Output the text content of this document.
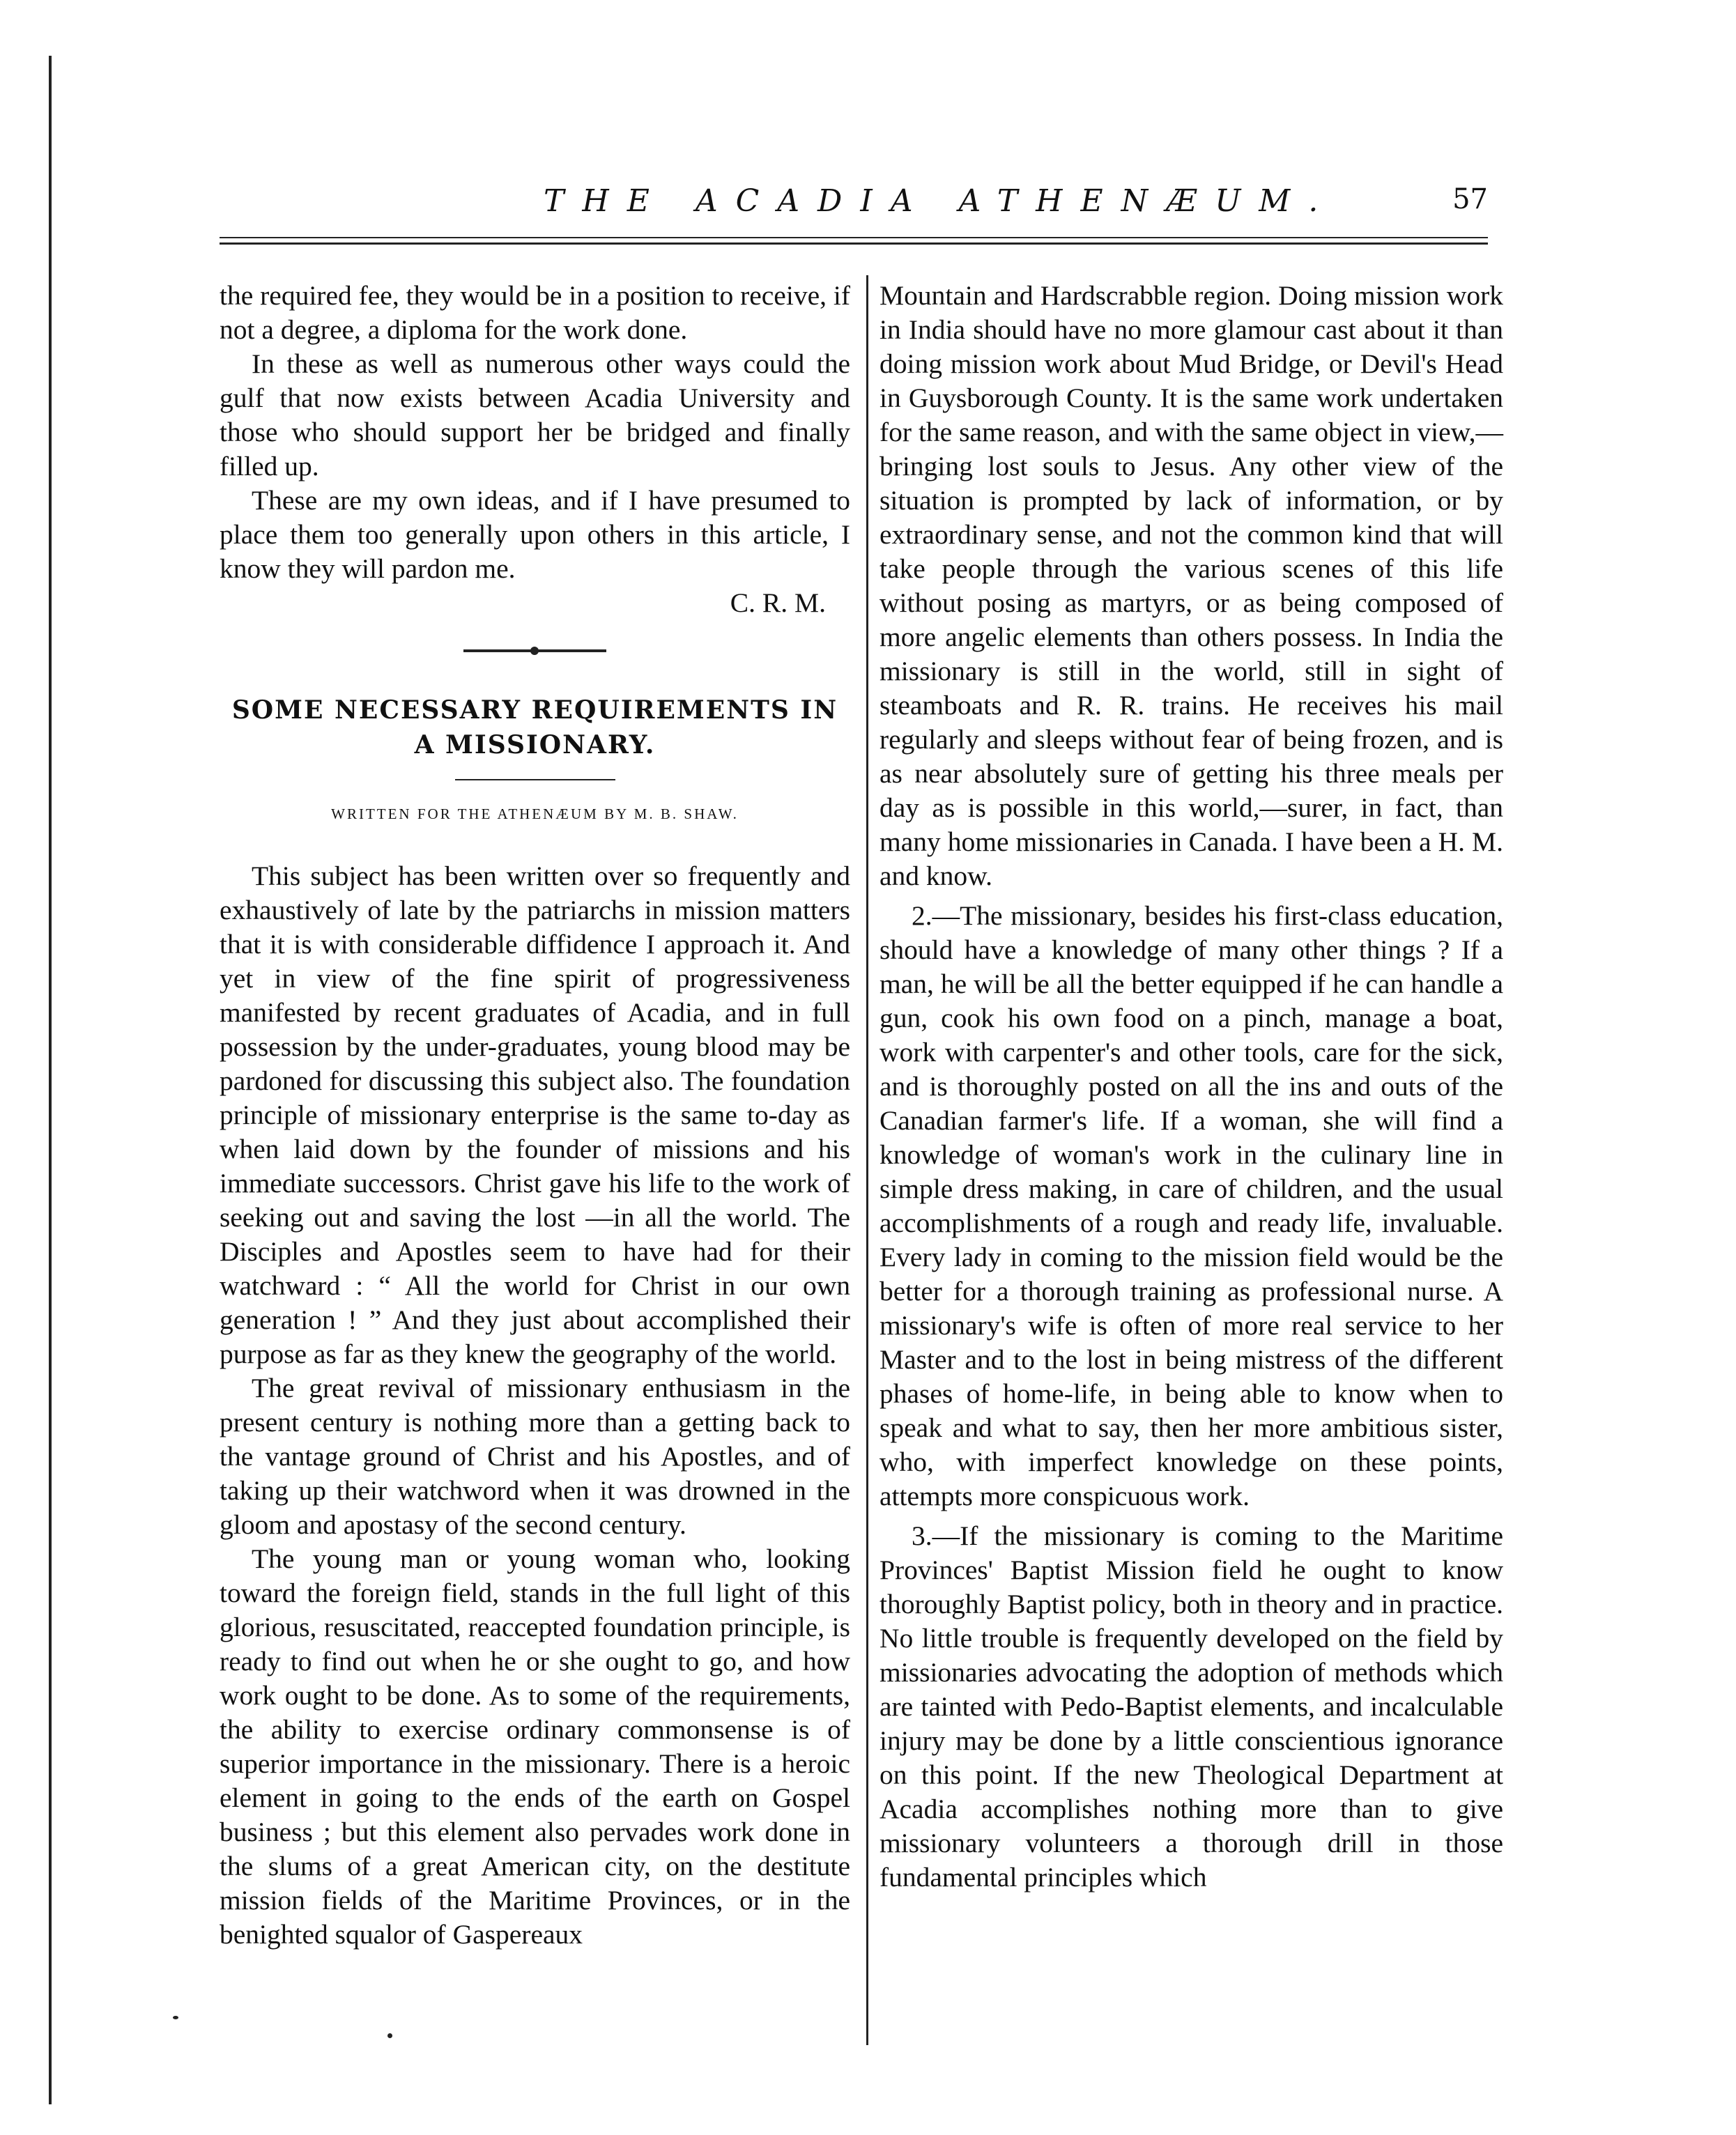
THE ACADIA ATHENÆUM.	57

the required fee, they would be in a position to receive, if not a degree, a diploma for the work done.

In these as well as numerous other ways could the gulf that now exists between Acadia University and those who should support her be bridged and finally filled up.

These are my own ideas, and if I have presumed to place them too generally upon others in this article, I know they will pardon me.

C. R. M.
SOME NECESSARY REQUIREMENTS IN A MISSIONARY.
WRITTEN FOR THE ATHENÆUM BY M. B. SHAW.

This subject has been written over so frequently and exhaustively of late by the patriarchs in mission matters that it is with considerable diffidence I approach it. And yet in view of the fine spirit of progressiveness manifested by recent graduates of Acadia, and in full possession by the under-graduates, young blood may be pardoned for discussing this subject also. The foundation principle of missionary enterprise is the same to-day as when laid down by the founder of missions and his immediate successors. Christ gave his life to the work of seeking out and saving the lost —in all the world. The Disciples and Apostles seem to have had for their watchward : “ All the world for Christ in our own generation ! ” And they just about accomplished their purpose as far as they knew the geography of the world.

The great revival of missionary enthusiasm in the present century is nothing more than a getting back to the vantage ground of Christ and his Apostles, and of taking up their watchword when it was drowned in the gloom and apostasy of the second century.

The young man or young woman who, looking toward the foreign field, stands in the full light of this glorious, resuscitated, reaccepted foundation principle, is ready to find out when he or she ought to go, and how work ought to be done. As to some of the requirements, the ability to exercise ordinary commonsense is of superior importance in the missionary. There is a heroic element in going to the ends of the earth on Gospel business ; but this element also pervades work done in the slums of a great American city, on the destitute mission fields of the Maritime Provinces, or in the benighted squalor of Gaspereaux

Mountain and Hardscrabble region. Doing mission work in India should have no more glamour cast about it than doing mission work about Mud Bridge, or Devil's Head in Guysborough County. It is the same work undertaken for the same reason, and with the same object in view,—bringing lost souls to Jesus. Any other view of the situation is prompted by lack of information, or by extraordinary sense, and not the common kind that will take people through the various scenes of this life without posing as martyrs, or as being composed of more angelic elements than others possess. In India the missionary is still in the world, still in sight of steamboats and R. R. trains. He receives his mail regularly and sleeps without fear of being frozen, and is as near absolutely sure of getting his three meals per day as is possible in this world,—surer, in fact, than many home missionaries in Canada. I have been a H. M. and know.

2.—The missionary, besides his first-class education, should have a knowledge of many other things ? If a man, he will be all the better equipped if he can handle a gun, cook his own food on a pinch, manage a boat, work with carpenter's and other tools, care for the sick, and is thoroughly posted on all the ins and outs of the Canadian farmer's life. If a woman, she will find a knowledge of woman's work in the culinary line in simple dress making, in care of children, and the usual accomplishments of a rough and ready life, invaluable. Every lady in coming to the mission field would be the better for a thorough training as professional nurse. A missionary's wife is often of more real service to her Master and to the lost in being mistress of the different phases of home-life, in being able to know when to speak and what to say, then her more ambitious sister, who, with imperfect knowledge on these points, attempts more conspicuous work.

3.—If the missionary is coming to the Maritime Provinces' Baptist Mission field he ought to know thoroughly Baptist policy, both in theory and in practice. No little trouble is frequently developed on the field by missionaries advocating the adoption of methods which are tainted with Pedo-Baptist elements, and incalculable injury may be done by a little conscientious ignorance on this point. If the new Theological Department at Acadia accomplishes nothing more than to give missionary volunteers a thorough drill in those fundamental principles which
